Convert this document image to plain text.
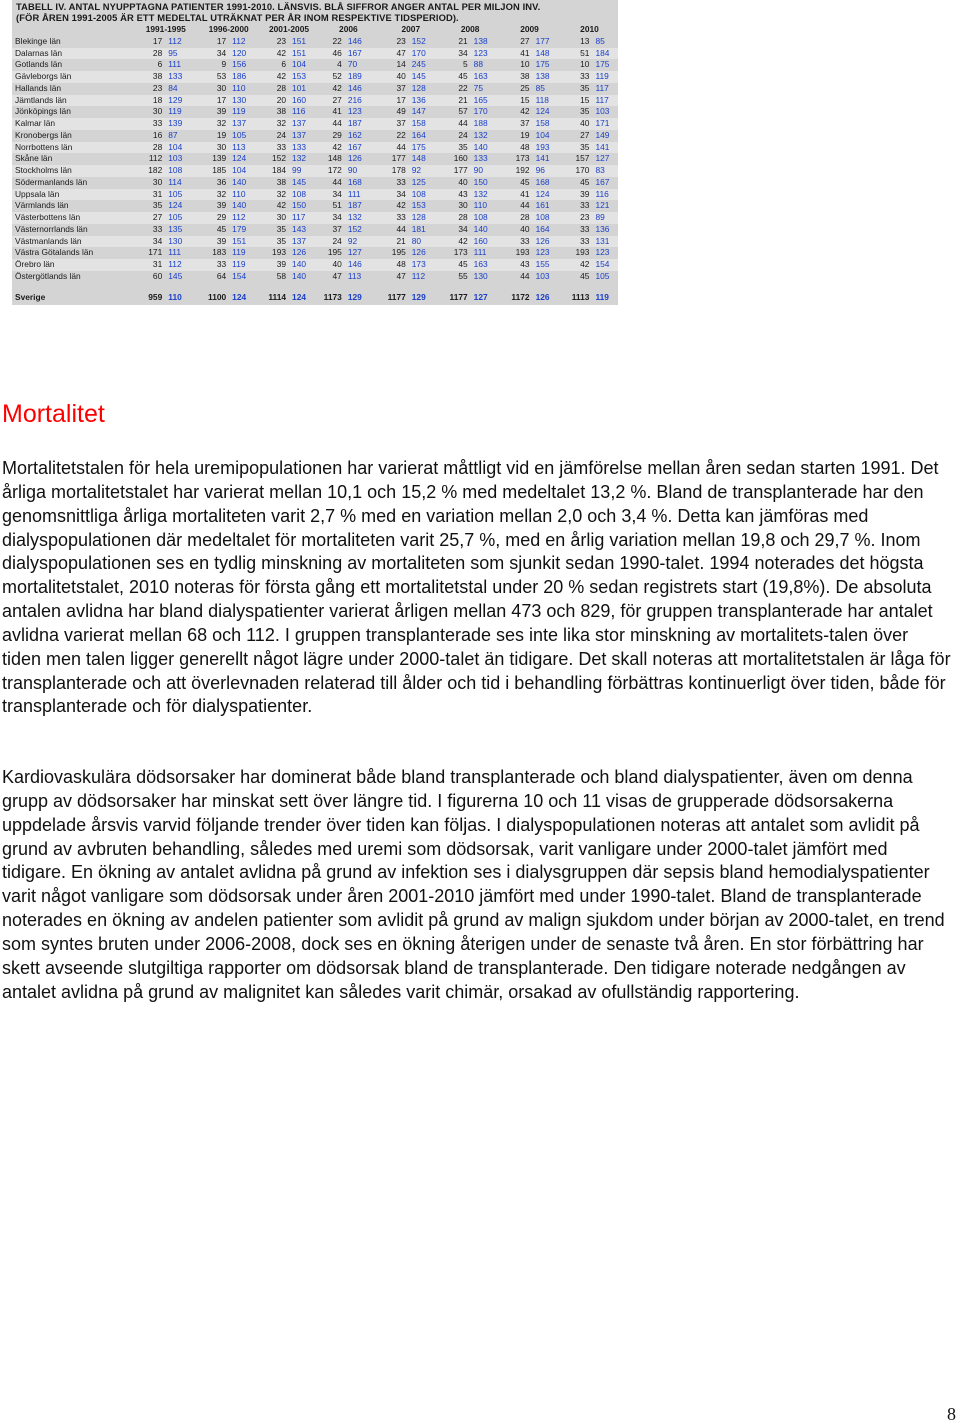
TABELL IV. ANTAL NYUPPTAGNA PATIENTER 1991-2010. LÄNSVIS. BLÅ SIFFROR ANGER ANTAL PER MILJON INV.
(FÖR ÅREN 1991-2005 ÄR ETT MEDELTAL UTRÄKNAT PER ÅR INOM RESPEKTIVE TIDSPERIOD).
	1991-1995		1996-2000		2001-2005		2006		2007		2008		2009		2010	
Blekinge län	17	112	17	112	23	151	22	146	23	152	21	138	27	177	13	85
Dalarnas län	28	95	34	120	42	151	46	167	47	170	34	123	41	148	51	184
Gotlands län	6	111	9	156	6	104	4	70	14	245	5	88	10	175	10	175
Gävleborgs län	38	133	53	186	42	153	52	189	40	145	45	163	38	138	33	119
Hallands län	23	84	30	110	28	101	42	146	37	128	22	75	25	85	35	117
Jämtlands län	18	129	17	130	20	160	27	216	17	136	21	165	15	118	15	117
Jönköpings län	30	119	39	119	38	116	41	123	49	147	57	170	42	124	35	103
Kalmar län	33	139	32	137	32	137	44	187	37	158	44	188	37	158	40	171
Kronobergs län	16	87	19	105	24	137	29	162	22	164	24	132	19	104	27	149
Norrbottens län	28	104	30	113	33	133	42	167	44	175	35	140	48	193	35	141
Skåne län	112	103	139	124	152	132	148	126	177	148	160	133	173	141	157	127
Stockholms län	182	108	185	104	184	99	172	90	178	92	177	90	192	96	170	83
Södermanlands län	30	114	36	140	38	145	44	168	33	125	40	150	45	168	45	167
Uppsala län	31	105	32	110	32	108	34	111	34	108	43	132	41	124	39	116
Värmlands län	35	124	39	140	42	150	51	187	42	153	30	110	44	161	33	121
Västerbottens län	27	105	29	112	30	117	34	132	33	128	28	108	28	108	23	89
Västernorrlands län	33	135	45	179	35	143	37	152	44	181	34	140	40	164	33	136
Västmanlands län	34	130	39	151	35	137	24	92	21	80	42	160	33	126	33	131
Västra Götalands län	171	111	183	119	193	126	195	127	195	126	173	111	193	123	193	123
Örebro län	31	112	33	119	39	140	40	146	48	173	45	163	43	155	42	154
Östergötlands län	60	145	64	154	58	140	47	113	47	112	55	130	44	103	45	105

Sverige	959	110	1100	124	1114	124	1173	129	1177	129	1177	127	1172	126	1113	119
Mortalitet

Mortalitetstalen för hela uremipopulationen har varierat måttligt vid en jämförelse mellan åren sedan starten 1991. Det årliga mortalitetstalet har varierat mellan 10,1 och 15,2 % med medeltalet 13,2 %. Bland de transplanterade har den genomsnittliga årliga mortaliteten varit 2,7 % med en variation mellan 2,0 och 3,4 %. Detta kan jämföras med dialyspopulationen där medeltalet för mortaliteten varit 25,7 %, med en årlig variation mellan 19,8 och 29,7 %. Inom dialyspopulationen ses en tydlig minskning av mortaliteten som sjunkit sedan 1990-talet. 1994 noterades det högsta mortalitetstalet, 2010 noteras för första gång ett mortalitetstal under 20 % sedan registrets start (19,8%). De absoluta antalen avlidna har bland dialyspatienter varierat årligen mellan 473 och 829, för gruppen transplanterade har antalet avlidna varierat mellan 68 och 112. I gruppen transplanterade ses inte lika stor minskning av mortalitets-talen över tiden men talen ligger generellt något lägre under 2000-talet än tidigare. Det skall noteras att mortalitetstalen är låga för transplanterade och att överlevnaden relaterad till ålder och tid i behandling förbättras kontinuerligt över tiden, både för transplanterade och för dialyspatienter.

Kardiovaskulära dödsorsaker har dominerat både bland transplanterade och bland dialyspatienter, även om denna grupp av dödsorsaker har minskat sett över längre tid. I figurerna 10 och 11 visas de grupperade dödsorsakerna uppdelade årsvis varvid följande trender över tiden kan följas. I dialyspopulationen noteras att antalet som avlidit på grund av avbruten behandling, således med uremi som dödsorsak, varit vanligare under 2000-talet jämfört med tidigare. En ökning av antalet avlidna på grund av infektion ses i dialysgruppen där sepsis bland hemodialyspatienter varit något vanligare som dödsorsak under åren 2001-2010 jämfört med under 1990-talet. Bland de transplanterade noterades en ökning av andelen patienter som avlidit på grund av malign sjukdom under början av 2000-talet, en trend som syntes bruten under 2006-2008, dock ses en ökning återigen under de senaste två åren. En stor förbättring har skett avseende slutgiltiga rapporter om dödsorsak bland de transplanterade. Den tidigare noterade nedgången av antalet avlidna på grund av malignitet kan således varit chimär, orsakad av ofullständig rapportering.

8
